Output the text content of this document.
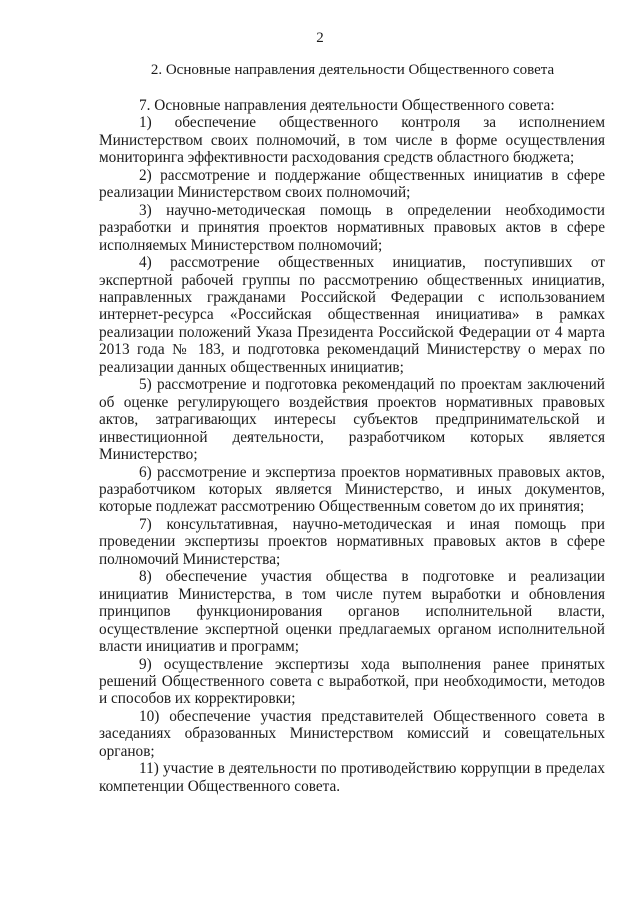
2
2. Основные направления деятельности Общественного совета

7. Основные направления деятельности Общественного совета:

1) обеспечение общественного контроля за исполнением Министерством своих полномочий, в том числе в форме осуществления мониторинга эффективности расходования средств областного бюджета;

2) рассмотрение и поддержание общественных инициатив в сфере реализации Министерством своих полномочий;

3) научно-методическая помощь в определении необходимости разработки и принятия проектов нормативных правовых актов в сфере исполняемых Министерством полномочий;

4) рассмотрение общественных инициатив, поступивших от экспертной рабочей группы по рассмотрению общественных инициатив, направленных гражданами Российской Федерации с использованием интернет-ресурса «Российская общественная инициатива» в рамках реализации положений Указа Президента Российской Федерации от 4 марта 2013 года № 183, и подготовка рекомендаций Министерству о мерах по реализации данных общественных инициатив;

5) рассмотрение и подготовка рекомендаций по проектам заключений об оценке регулирующего воздействия проектов нормативных правовых актов, затрагивающих интересы субъектов предпринимательской и инвестиционной деятельности, разработчиком которых является Министерство;

6) рассмотрение и экспертиза проектов нормативных правовых актов, разработчиком которых является Министерство, и иных документов, которые подлежат рассмотрению Общественным советом до их принятия;

7) консультативная, научно-методическая и иная помощь при проведении экспертизы проектов нормативных правовых актов в сфере полномочий Министерства;

8) обеспечение участия общества в подготовке и реализации инициатив Министерства, в том числе путем выработки и обновления принципов функционирования органов исполнительной власти, осуществление экспертной оценки предлагаемых органом исполнительной власти инициатив и программ;

9) осуществление экспертизы хода выполнения ранее принятых решений Общественного совета с выработкой, при необходимости, методов и способов их корректировки;

10) обеспечение участия представителей Общественного совета в заседаниях образованных Министерством комиссий и совещательных органов;

11) участие в деятельности по противодействию коррупции в пределах компетенции Общественного совета.
